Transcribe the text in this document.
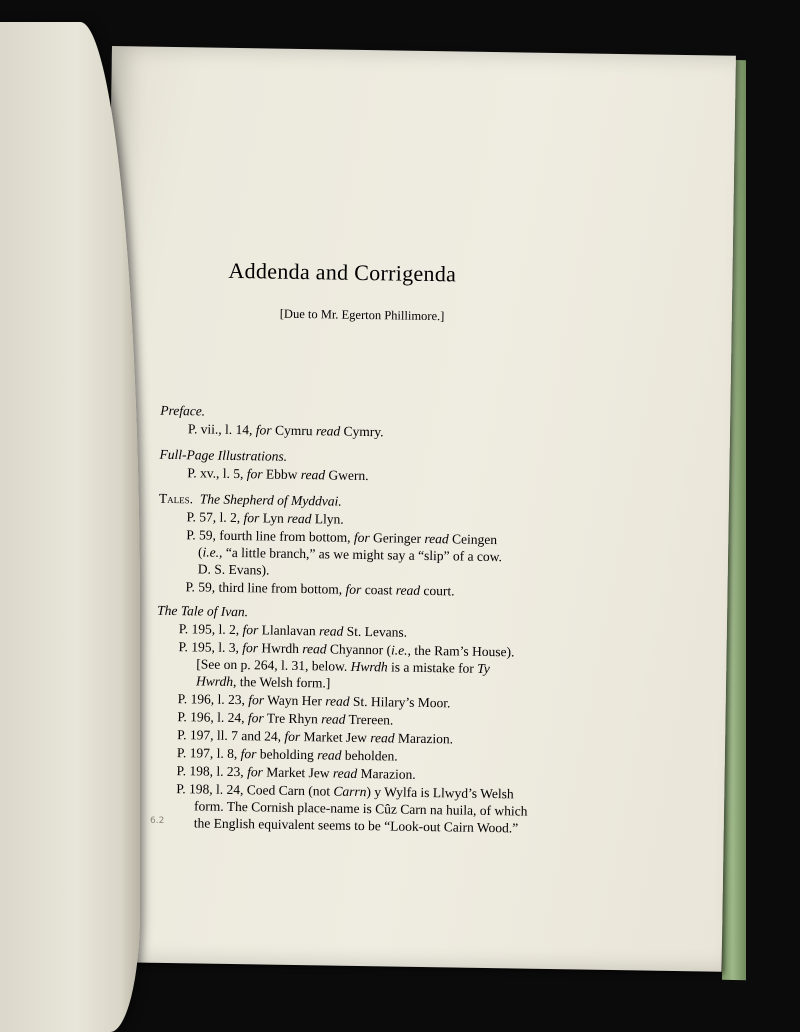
Addenda and Corrigenda
[Due to Mr. Egerton Phillimore.]
Preface.
P. vii., l. 14, for Cymru read Cymry.
Full-Page Illustrations.
P. xv., l. 5, for Ebbw read Gwern.
Tales. The Shepherd of Myddvai.
P. 57, l. 2, for Lyn read Llyn.
P. 59, fourth line from bottom, for Geringer read Ceingen
(i.e., “a little branch,” as we might say a “slip” of a cow.
D. S. Evans).
P. 59, third line from bottom, for coast read court.
The Tale of Ivan.
P. 195, l. 2, for Llanlavan read St. Levans.
P. 195, l. 3, for Hwrdh read Chyannor (i.e., the Ram’s House).
[See on p. 264, l. 31, below. Hwrdh is a mistake for Ty
Hwrdh, the Welsh form.]
P. 196, l. 23, for Wayn Her read St. Hilary’s Moor.
P. 196, l. 24, for Tre Rhyn read Trereen.
P. 197, ll. 7 and 24, for Market Jew read Marazion.
P. 197, l. 8, for beholding read beholden.
P. 198, l. 23, for Market Jew read Marazion.
P. 198, l. 24, Coed Carn (not Carrn) y Wylfa is Llwyd’s Welsh
form. The Cornish place-name is Cûz Carn na huila, of which
the English equivalent seems to be “Look-out Cairn Wood.”
6.2
